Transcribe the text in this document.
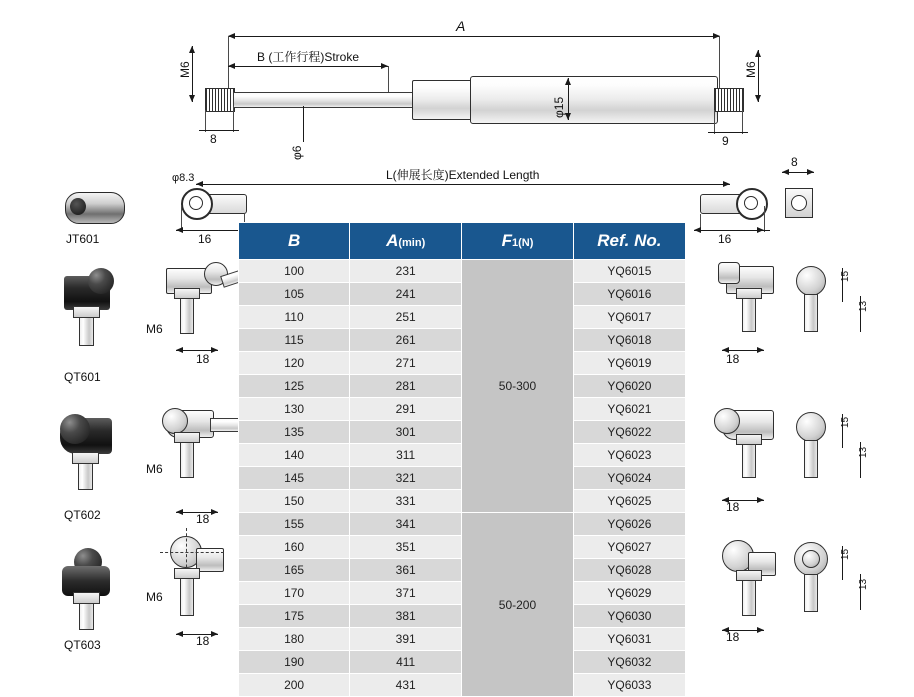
A
B (工作行程)Stroke
M6	M6
φ15
φ6
8	9
L(伸展长度)Extended Length
φ8.3
16	16
8
JT601
QT601
QT602
QT603
M6
18
M6
18
M6
18
18
15
13
18
15
13
18
15
13
B	A(min)	F1(N)	Ref. No.
100	231	50-300	YQ6015
105	241		YQ6016
110	251		YQ6017
115	261		YQ6018
120	271		YQ6019
125	281		YQ6020
130	291		YQ6021
135	301		YQ6022
140	311		YQ6023
145	321		YQ6024
150	331		YQ6025
155	341	50-200	YQ6026
160	351		YQ6027
165	361		YQ6028
170	371		YQ6029
175	381		YQ6030
180	391		YQ6031
190	411		YQ6032
200	431		YQ6033
